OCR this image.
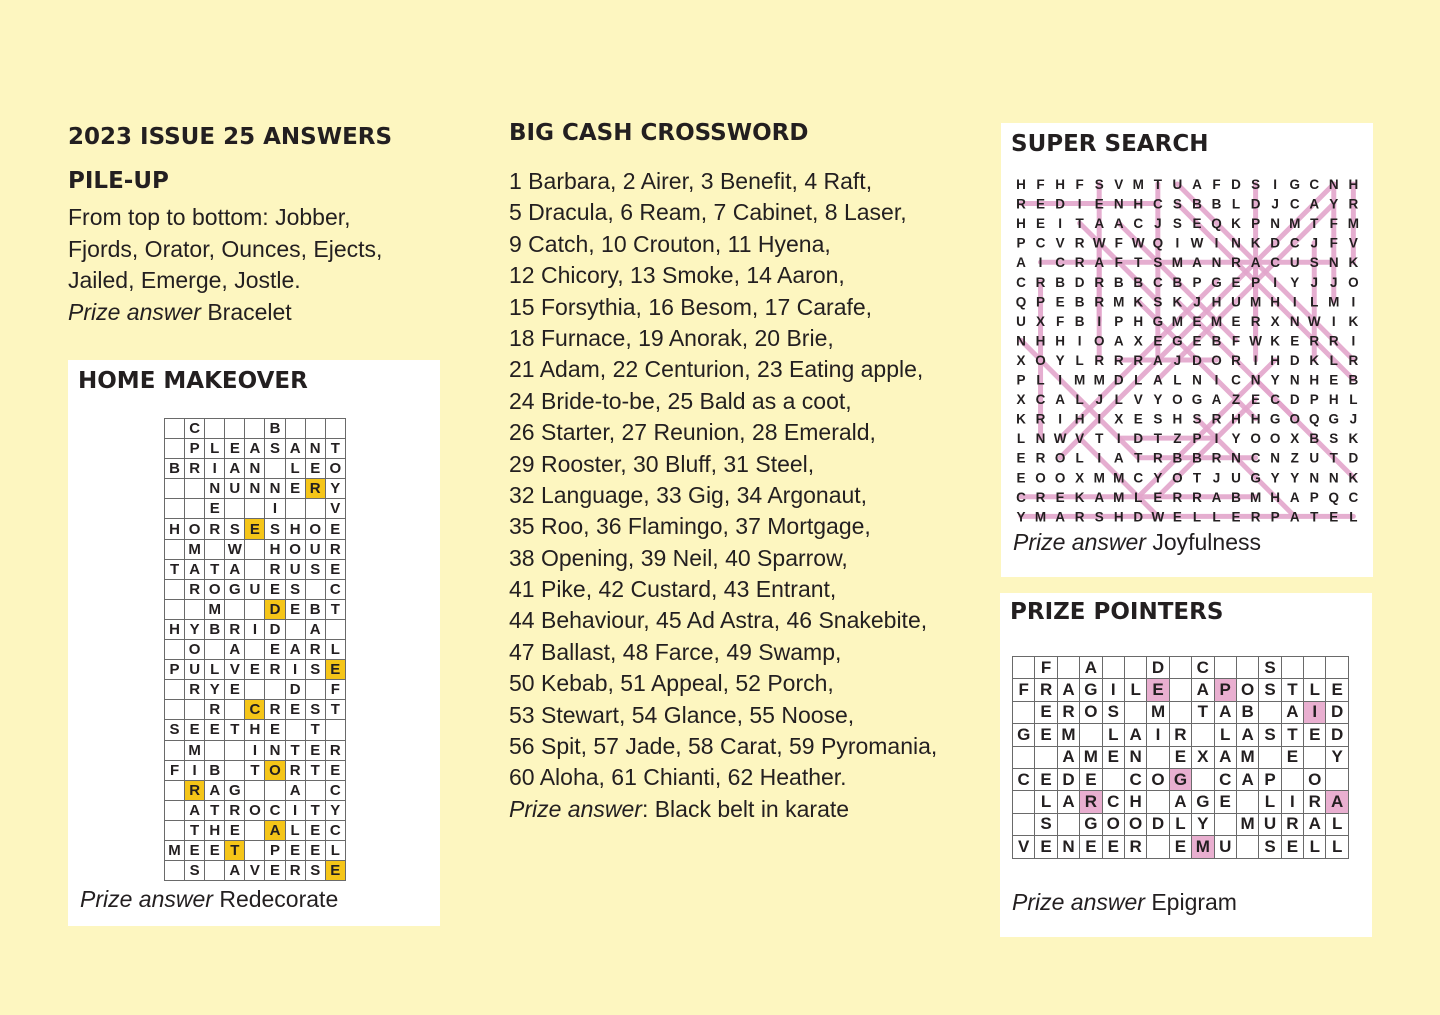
2023 ISSUE 25 ANSWERS
PILE-UP
From top to bottom: Jobber,
Fjords, Orator, Ounces, Ejects,
Jailed, Emerge, Jostle.
Prize answer Bracelet
HOME MAKEOVER
	C				B			
	P	L	E	A	S	A	N	T
B	R	I	A	N		L	E	O
		N	U	N	N	E	R	Y
		E			I			V
H	O	R	S	E	S	H	O	E
	M		W		H	O	U	R
T	A	T	A		R	U	S	E
	R	O	G	U	E	S		C
		M			D	E	B	T
H	Y	B	R	I	D		A	
	O		A		E	A	R	L
P	U	L	V	E	R	I	S	E
	R	Y	E			D		F
		R		C	R	E	S	T
S	E	E	T	H	E		T	
	M			I	N	T	E	R
F	I	B		T	O	R	T	E
	R	A	G			A		C
	A	T	R	O	C	I	T	Y
	T	H	E		A	L	E	C
M	E	E	T		P	E	E	L
	S		A	V	E	R	S	E
Prize answer Redecorate
BIG CASH CROSSWORD
1 Barbara, 2 Airer, 3 Benefit, 4 Raft,
5 Dracula, 6 Ream, 7 Cabinet, 8 Laser,
9 Catch, 10 Crouton, 11 Hyena,
12 Chicory, 13 Smoke, 14 Aaron,
15 Forsythia, 16 Besom, 17 Carafe,
18 Furnace, 19 Anorak, 20 Brie,
21 Adam, 22 Centurion, 23 Eating apple,
24 Bride-to-be, 25 Bald as a coot,
26 Starter, 27 Reunion, 28 Emerald,
29 Rooster, 30 Bluff, 31 Steel,
32 Language, 33 Gig, 34 Argonaut,
35 Roo, 36 Flamingo, 37 Mortgage,
38 Opening, 39 Neil, 40 Sparrow,
41 Pike, 42 Custard, 43 Entrant,
44 Behaviour, 45 Ad Astra, 46 Snakebite,
47 Ballast, 48 Farce, 49 Swamp,
50 Kebab, 51 Appeal, 52 Porch,
53 Stewart, 54 Glance, 55 Noose,
56 Spit, 57 Jade, 58 Carat, 59 Pyromania,
60 Aloha, 61 Chianti, 62 Heather.
Prize answer: Black belt in karate
SUPER SEARCH
H F H F S V M T U A F D S I G C N H
R E D I E N H C S B B L D J C A Y R
H E I T A A C J S E Q K P N M T F M
P C V R W F W Q I W I N K D C J F V
A I C R A F T S M A N R A C U S N K
C R B D R B B C B P G E P I Y J J O
Q P E B R M K S K J H U M H I L M I
U X F B I P H G M E M E R X N W I K
N H H I O A X E G E B F W K E R R I
X O Y L R R R A J D O R I H D K L R
P L I M M D L A L N I C N Y N H E B
X C A L J L V Y O G A Z E C D P H L
K R I H I X E S H S R H H G O Q G J
L N W V T I D T Z P I Y O O X B S K
E R O L I A T R B B R N C N Z U T D
E O O X M M C Y O T J U G Y Y N N K
C R E K A M L E R R A B M H A P Q C
Y M A R S H D W E L L E R P A T E L
Prize answer Joyfulness
PRIZE POINTERS
	F		A			D		C			S			
F	R	A	G	I	L	E		A	P	O	S	T	L	E
	E	R	O	S		M		T	A	B		A	I	D
G	E	M		L	A	I	R		L	A	S	T	E	D
		A	M	E	N		E	X	A	M		E		Y
C	E	D	E		C	O	G		C	A	P		O	
	L	A	R	C	H		A	G	E		L	I	R	A
	S		G	O	O	D	L	Y		M	U	R	A	L
V	E	N	E	E	R		E	M	U		S	E	L	L
Prize answer Epigram
